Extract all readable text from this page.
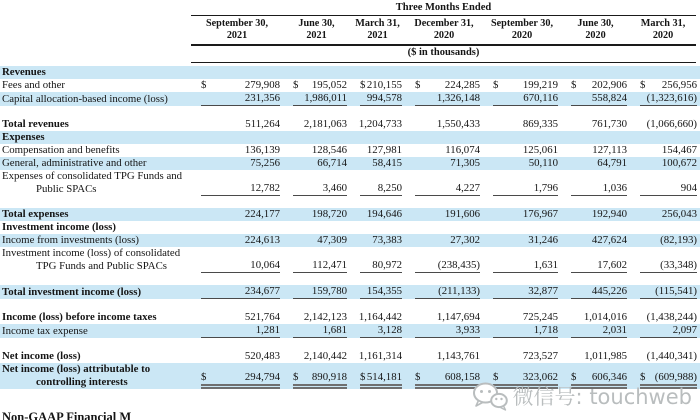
Three Months Ended
September 30,
2021
June 30,
2021
March 31,
2021
December 31,
2020
September 30,
2020
June 30,
2020
March 31,
2020
($ in thousands)
Revenues
Fees and other	$	279,908 $ 195,052 $ 210,155 $ 224,285 $ 199,219 $ 202,906 $ 256,956
Capital allocation-based income (loss)	231,356 1,986,011 994,578	1,326,148	670,116	558,824 (1,323,616)
Total revenues	511,264 2,181,063 1,204,733	1,550,433	869,335	761,730 (1,066,660)
Expenses
Compensation and benefits	136,139	128,546 127,981	116,074	125,061	127,113	154,467
General, administrative and other	75,256	66,714 58,415	71,305	50,110	64,791	100,672
Expenses of consolidated TPG Funds and
Public SPACs	12,782	3,460	8,250	4,227	1,796	1,036	904
Total expenses	224,177	198,720 194,646	191,606	176,967	192,940	256,043
Investment income (loss)
Income from investments (loss)	224,613	47,309 73,383	27,302	31,246	427,624	(82,193)
Investment income (loss) of consolidated
TPG Funds and Public SPACs	10,064	112,471 80,972	(238,435)	1,631	17,602	(33,348)
Total investment income (loss)	234,677	159,780 154,355	(211,133)	32,877	445,226	(115,541)
Income (loss) before income taxes	521,764 2,142,123 1,164,442	1,147,694	725,245 1,014,016 (1,438,244)
Income tax expense	1,281	1,681	3,128	3,933	1,718	2,031	2,097
Net income (loss)	520,483 2,140,442 1,161,314	1,143,761	723,527 1,011,985 (1,440,341)
Net income (loss) attributable to
controlling interests	$	294,794 $ 890,918 $ 514,181 $ 608,158 $ 323,062 $ 606,346 $ (609,988)
Non-GAAP Financial M
微信号: touchweb
